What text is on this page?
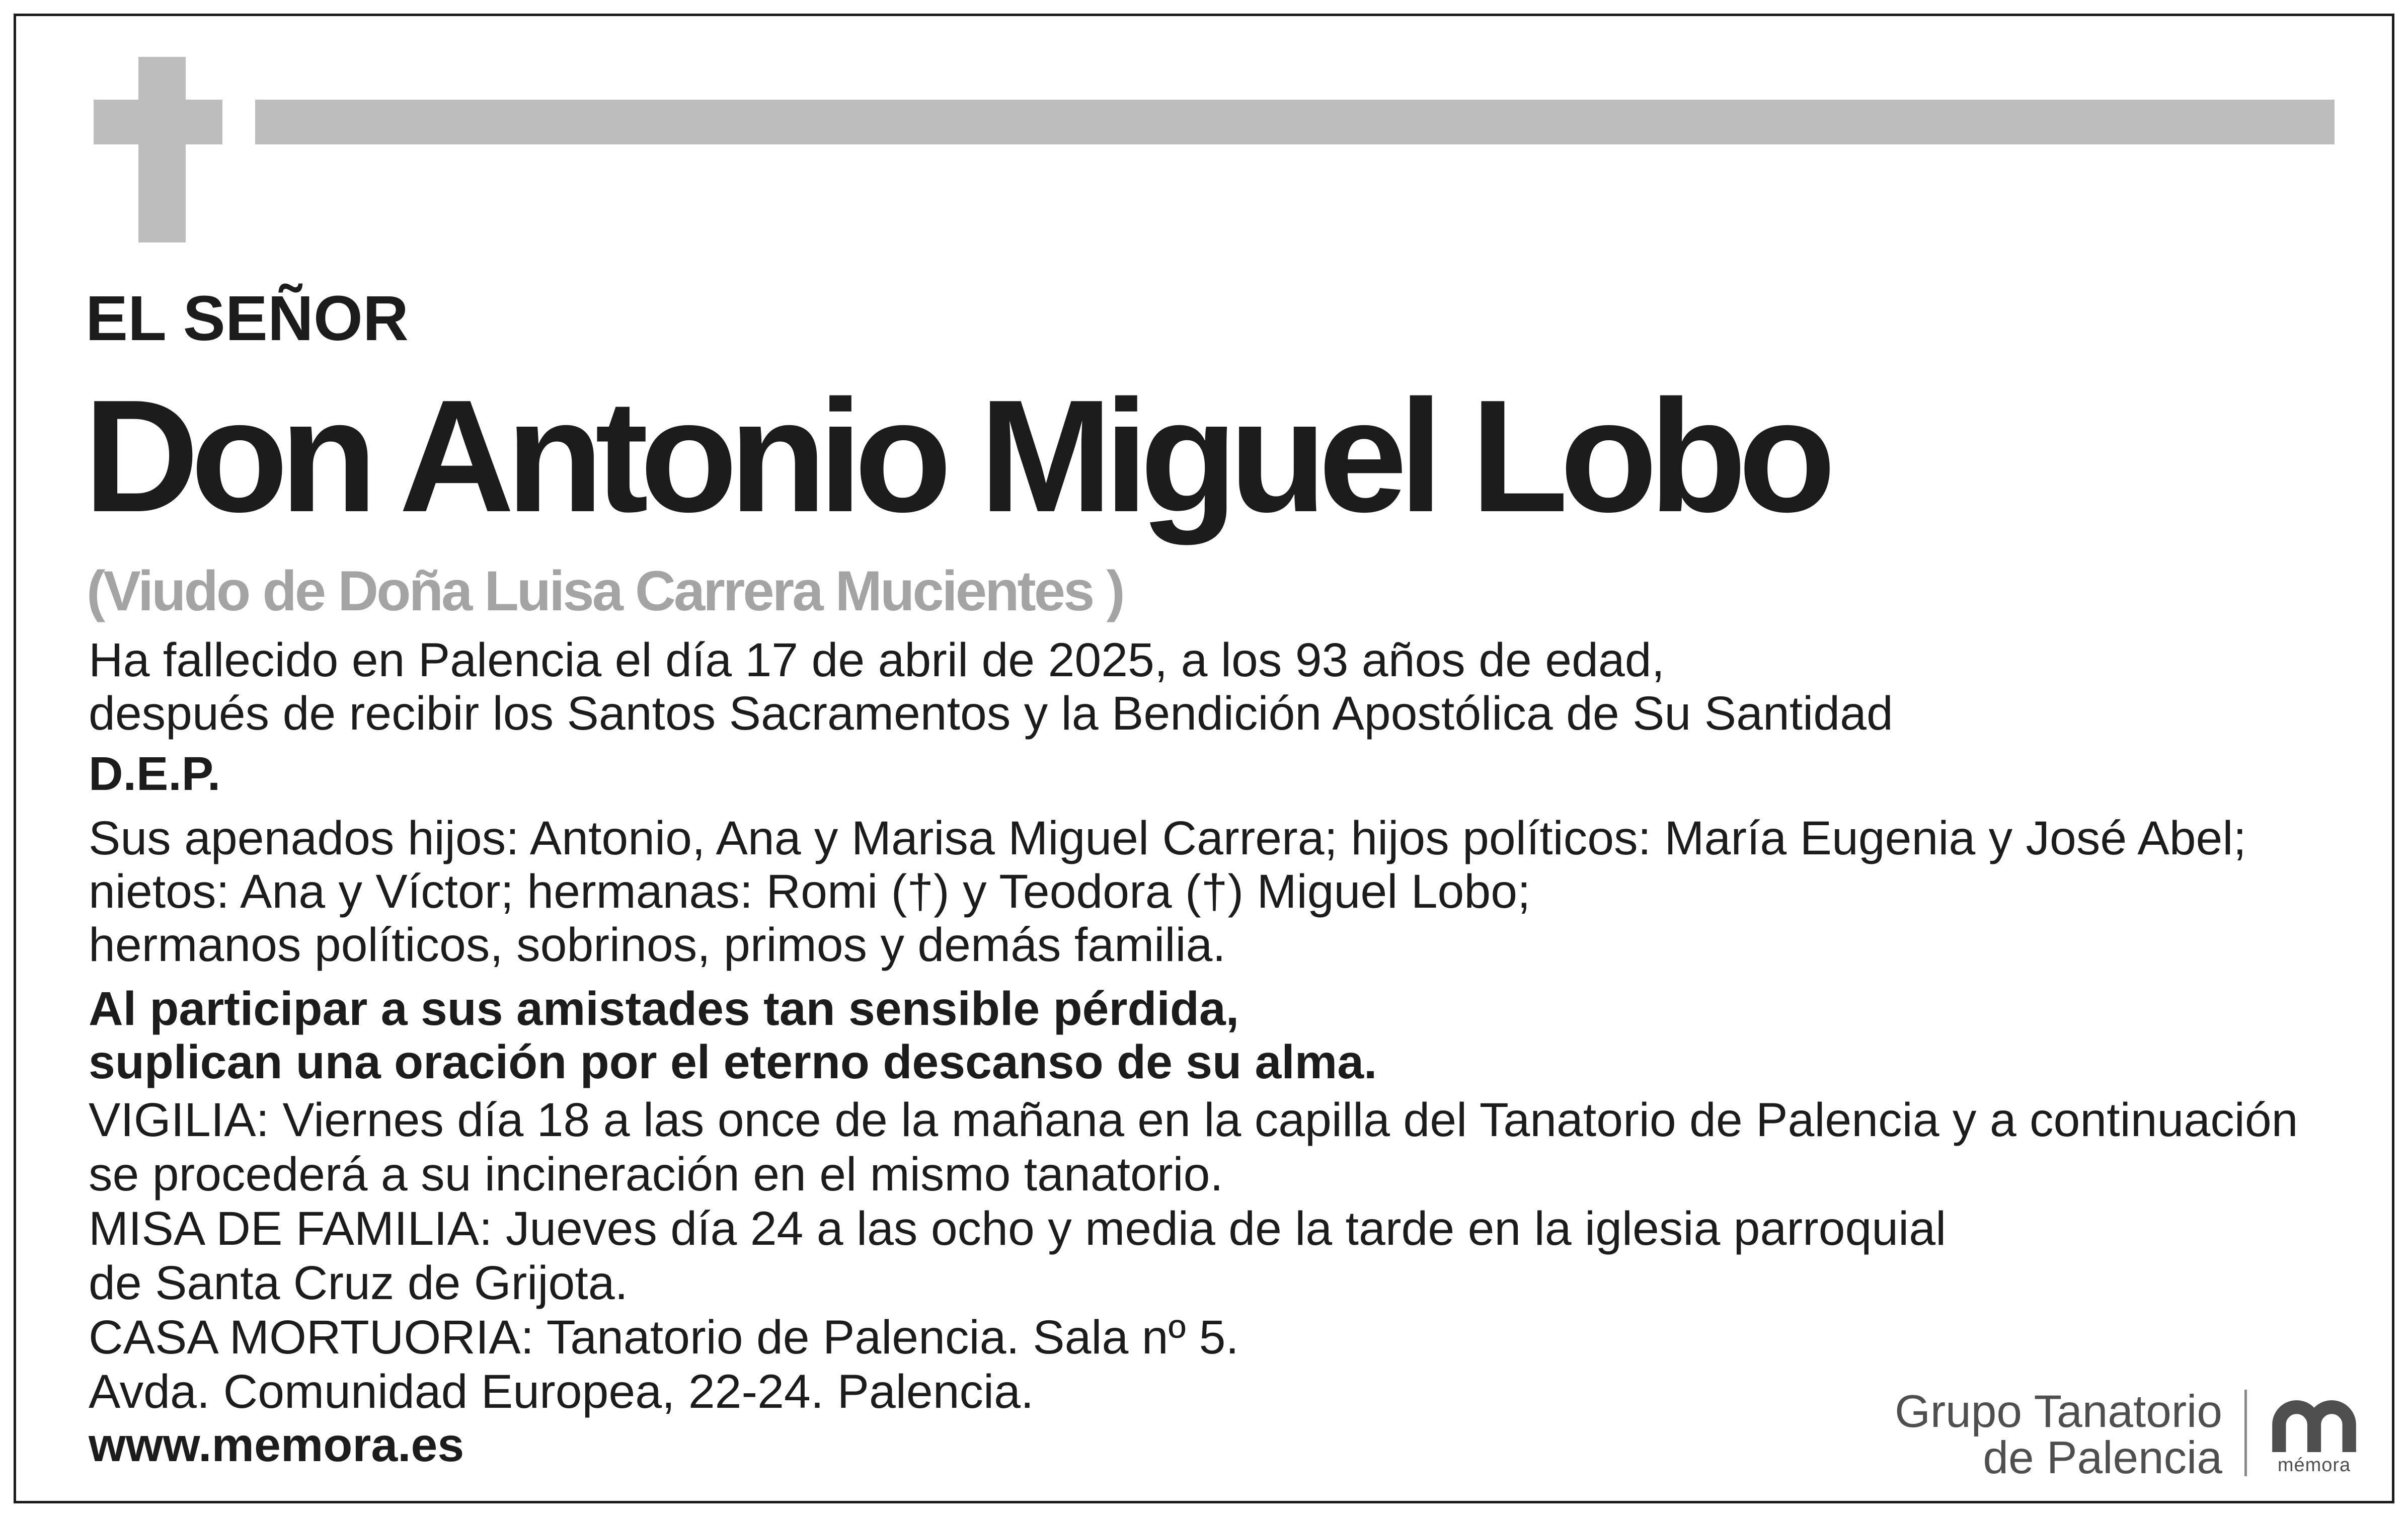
EL SEÑOR
Don Antonio Miguel Lobo
(Viudo de Doña Luisa Carrera Mucientes )
Ha fallecido en Palencia el día 17 de abril de 2025, a los 93 años de edad,
después de recibir los Santos Sacramentos y la Bendición Apostólica de Su Santidad
D.E.P.
Sus apenados hijos: Antonio, Ana y Marisa Miguel Carrera; hijos políticos: María Eugenia y José Abel;
nietos: Ana y Víctor; hermanas: Romi (†) y Teodora (†) Miguel Lobo;
hermanos políticos, sobrinos, primos y demás familia.
Al participar a sus amistades tan sensible pérdida,
suplican una oración por el eterno descanso de su alma.
VIGILIA: Viernes día 18 a las once de la mañana en la capilla del Tanatorio de Palencia y a continuación
se procederá a su incineración en el mismo tanatorio.
MISA DE FAMILIA: Jueves día 24 a las ocho y media de la tarde en la iglesia parroquial
de Santa Cruz de Grijota.
CASA MORTUORIA: Tanatorio de Palencia. Sala nº 5.
Avda. Comunidad Europea, 22-24. Palencia.
www.memora.es
Grupo Tanatorio
de Palencia	mémora
